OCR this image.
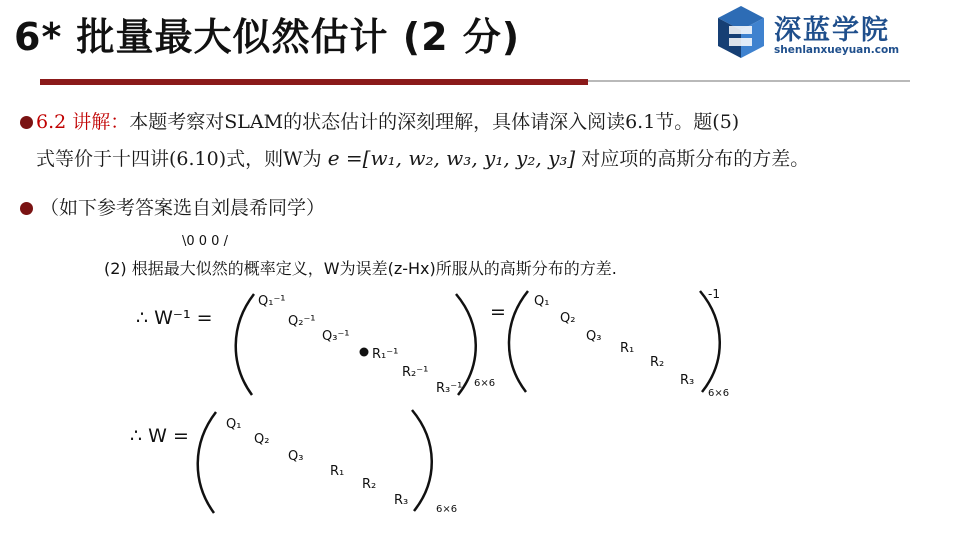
6* 批量最大似然估计 (2 分)	深蓝学院
shenlanxueyuan.com
6.2 讲解：本题考察对SLAM的状态估计的深刻理解，具体请深入阅读6.1节。题(5)
式等价于十四讲(6.10)式，则W为 e =[w₁, w₂, w₃, y₁, y₂, y₃] 对应项的高斯分布的方差。
（如下参考答案选自刘晨希同学）
\0 0 0 /
(2) 根据最大似然的概率定义，W为误差(z-Hx)所服从的高斯分布的方差.
∴ W⁻¹ =
Q₁⁻¹
Q₂⁻¹
Q₃⁻¹
R₁⁻¹
R₂⁻¹
R₃⁻¹ 6×6
= Q₁
Q₂
Q₃
R₁
R₂
R₃
-1
6×6
∴ W =
Q₁
Q₂
Q₃
R₁
R₂
R₃
6×6
